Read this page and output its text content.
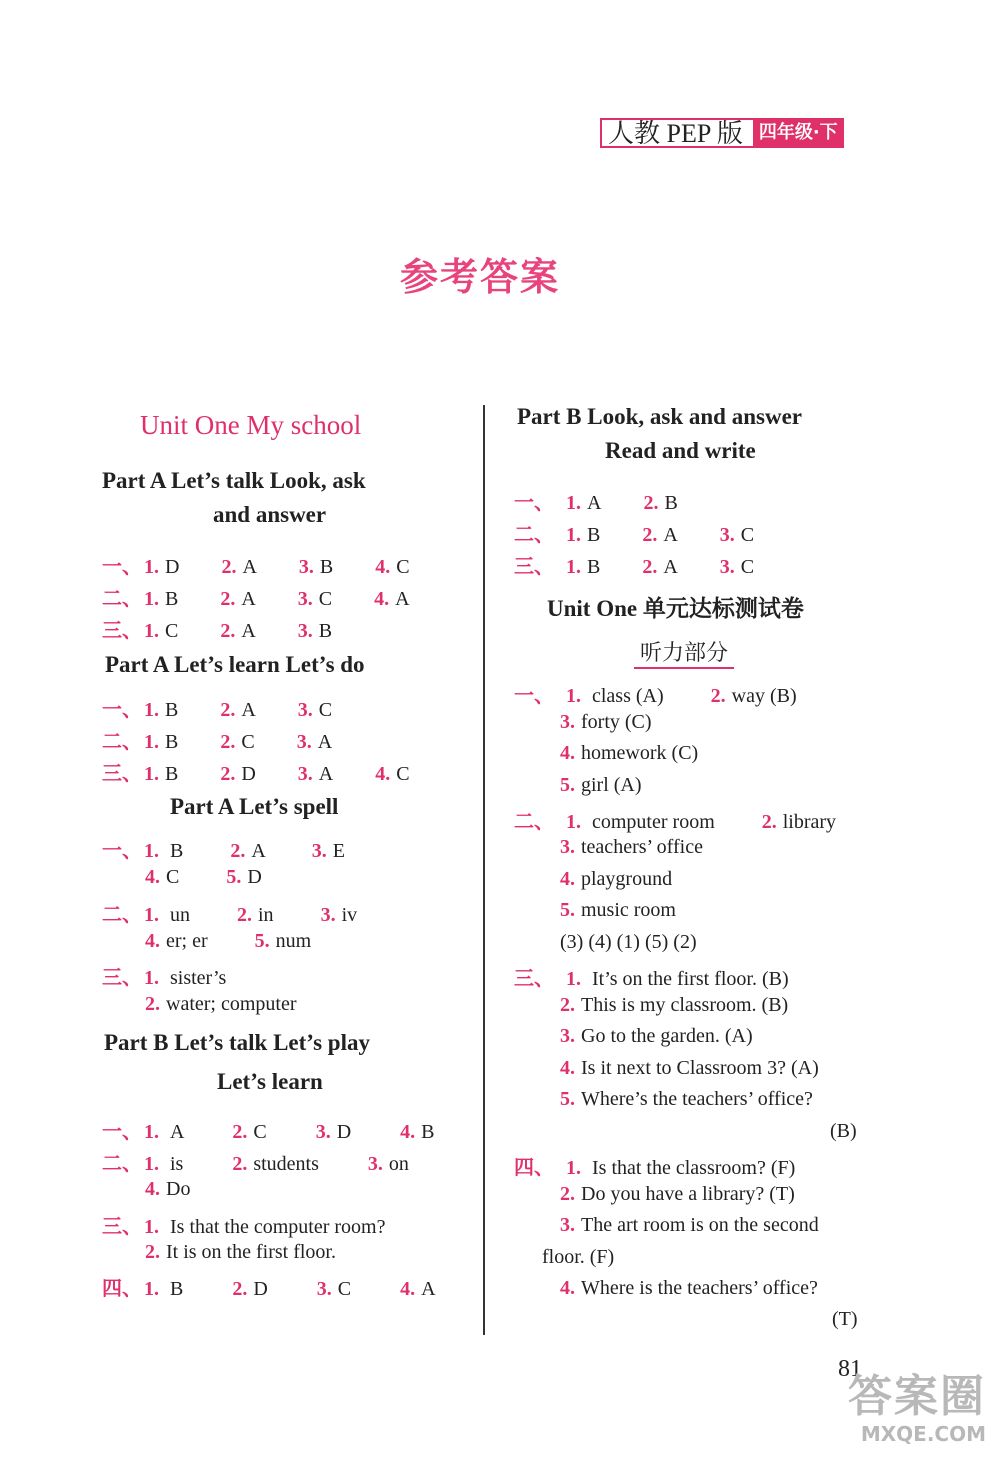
人教 PEP 版 四年级·下
参考答案
Unit One My school
Part A Let’s talk Look, ask
and answer
一、 1. D 2. A 3. B 4. C
二、 1. B 2. A 3. C 4. A
三、 1. C 2. A 3. B
Part A Let’s learn Let’s do
一、 1. B 2. A 3. C
二、 1. B 2. C 3. A
三、 1. B 2. D 3. A 4. C
Part A Let’s spell
一、 1. B 2. A 3. E
4. C 5. D
二、 1. un 2. in 3. iv
4. er; er 5. num
三、 1. sister’s
2. water; computer
Part B Let’s talk Let’s play
Let’s learn
一、 1. A 2. C 3. D 4. B
二、 1. is 2. students 3. on
4. Do
三、 1. Is that the computer room?
2. It is on the first floor.
四、 1. B 2. D 3. C 4. A
Part B Look, ask and answer
Read and write
一、 1. A 2. B
二、 1. B 2. A 3. C
三、 1. B 2. A 3. C
Unit One 单元达标测试卷
听力部分
一、 1. class (A) 2. way (B)
3. forty (C)
4. homework (C)
5. girl (A)
二、 1. computer room 2. library
3. teachers’ office
4. playground
5. music room
(3) (4) (1) (5) (2)
三、 1. It’s on the first floor. (B)
2. This is my classroom. (B)
3. Go to the garden. (A)
4. Is it next to Classroom 3? (A)
5. Where’s the teachers’ office?
(B)
四、 1. Is that the classroom? (F)
2. Do you have a library? (T)
3. The art room is on the second
floor. (F)
4. Where is the teachers’ office?
(T)
81
答案圈
MXQE.COM
